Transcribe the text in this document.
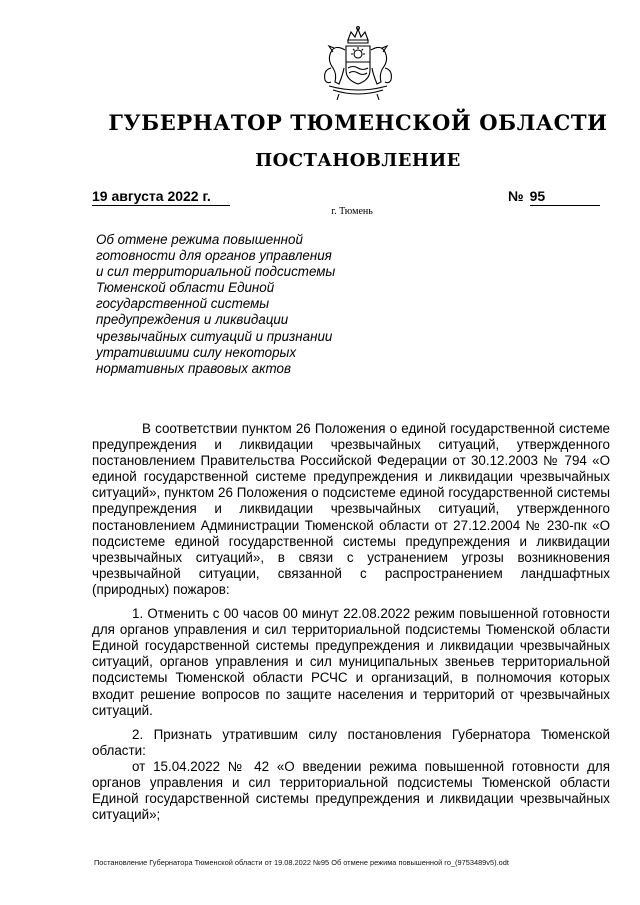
ГУБЕРНАТОР ТЮМЕНСКОЙ ОБЛАСТИ
ПОСТАНОВЛЕНИЕ
19 августа 2022 г.	№ 95
г. Тюмень
Об отмене режима повышенной
готовности для органов управления
и сил территориальной подсистемы
Тюменской области Единой
государственной системы
предупреждения и ликвидации
чрезвычайных ситуаций и признании
утратившими силу некоторых
нормативных правовых актов

В соответствии пунктом 26 Положения о единой государственной системе предупреждения и ликвидации чрезвычайных ситуаций, утвержденного постановлением Правительства Российской Федерации от 30.12.2003 № 794 «О единой государственной системе предупреждения и ликвидации чрезвычайных ситуаций», пунктом 26 Положения о подсистеме единой государственной системы предупреждения и ликвидации чрезвычайных ситуаций, утвержденного постановлением Администрации Тюменской области от 27.12.2004 № 230-пк «О подсистеме единой государственной системы предупреждения и ликвидации чрезвычайных ситуаций», в связи с устранением угрозы возникновения чрезвычайной ситуации, связанной с распространением ландшафтных (природных) пожаров:

1. Отменить с 00 часов 00 минут 22.08.2022 режим повышенной готовности для органов управления и сил территориальной подсистемы Тюменской области Единой государственной системы предупреждения и ликвидации чрезвычайных ситуаций, органов управления и сил муниципальных звеньев территориальной подсистемы Тюменской области РСЧС и организаций, в полномочия которых входит решение вопросов по защите населения и территорий от чрезвычайных ситуаций.

2. Признать утратившим силу постановления Губернатора Тюменской области:

от 15.04.2022 № 42 «О введении режима повышенной готовности для органов управления и сил территориальной подсистемы Тюменской области Единой государственной системы предупреждения и ликвидации чрезвычайных ситуаций»;

Постановление Губернатора Тюменской области от 19.08.2022 №95 Об отмене режима повышенной го_(9753489v5).odt
